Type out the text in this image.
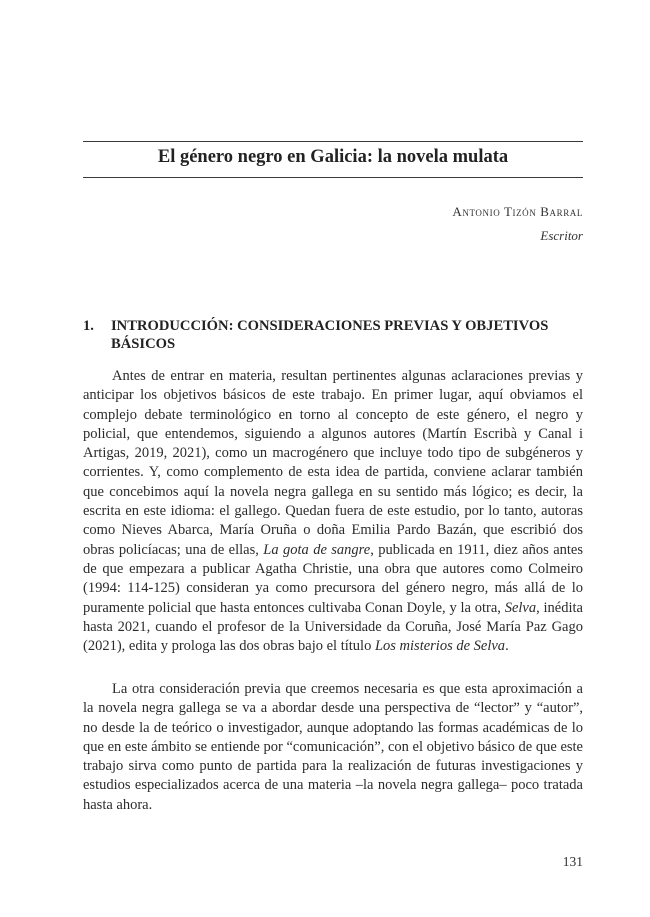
El género negro en Galicia: la novela mulata
Antonio Tizón Barral
Escritor
1. INTRODUCCIÓN: CONSIDERACIONES PREVIAS Y OBJETIVOS BÁSICOS

Antes de entrar en materia, resultan pertinentes algunas aclaraciones previas y anticipar los objetivos básicos de este trabajo. En primer lugar, aquí obviamos el complejo debate terminológico en torno al concepto de este género, el negro y policial, que entendemos, siguiendo a algunos autores (Martín Escribà y Canal i Artigas, 2019, 2021), como un macrogénero que incluye todo tipo de subgéneros y corrientes. Y, como complemento de esta idea de partida, conviene aclarar también que concebimos aquí la novela negra gallega en su sentido más lógico; es decir, la escrita en este idioma: el gallego. Quedan fuera de este estudio, por lo tanto, autoras como Nieves Abarca, María Oruña o doña Emilia Pardo Bazán, que escribió dos obras policíacas; una de ellas, La gota de sangre, publicada en 1911, diez años antes de que empezara a publicar Agatha Christie, una obra que autores como Colmeiro (1994: 114-125) consideran ya como precursora del género negro, más allá de lo puramente policial que hasta entonces cultivaba Conan Doyle, y la otra, Selva, inédita hasta 2021, cuando el profesor de la Universidade da Coruña, José María Paz Gago (2021), edita y prologa las dos obras bajo el título Los misterios de Selva.

La otra consideración previa que creemos necesaria es que esta aproximación a la novela negra gallega se va a abordar desde una perspectiva de “lector” y “autor”, no desde la de teórico o investigador, aunque adoptando las formas académicas de lo que en este ámbito se entiende por “comunicación”, con el objetivo básico de que este trabajo sirva como punto de partida para la realización de futuras investigaciones y estudios especializados acerca de una materia –la novela negra gallega– poco tratada hasta ahora.

131
